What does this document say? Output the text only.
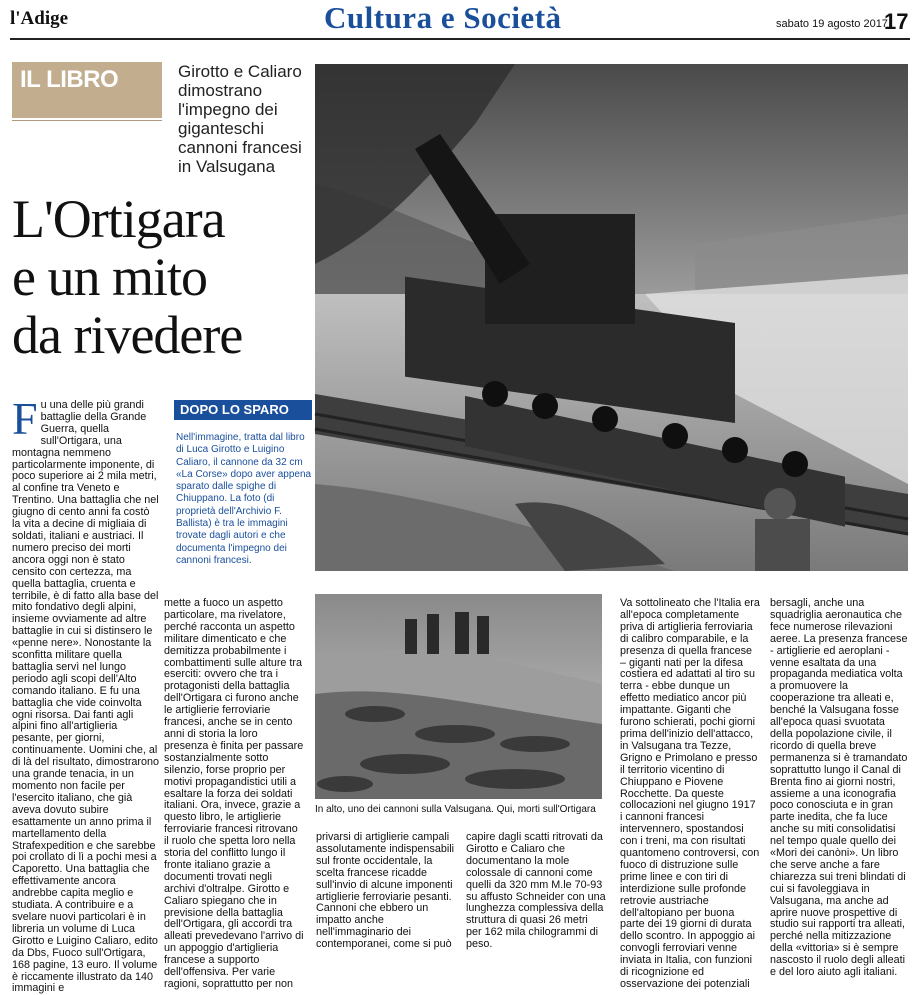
l'Adige	Cultura e Società	sabato 19 agosto 2017
17
IL LIBRO	Girotto e Caliaro dimostrano l'impegno dei giganteschi cannoni francesi in Valsugana
L'Ortigara
e un mito
da rivedere
In alto, uno dei cannoni sulla Valsugana. Qui, morti sull'Ortigara
DOPO LO SPARO
Nell'immagine, tratta dal libro di Luca Girotto e Luigino Caliaro, il cannone da 32 cm «La Corse» dopo aver appena sparato dalle spighe di Chiuppano. La foto (di proprietà dell'Archivio F. Ballista) è tra le immagini trovate dagli autori e che documenta l'impegno dei cannoni francesi.
F u una delle più grandi battaglie della Grande Guerra, quella sull'Ortigara, una montagna nemmeno particolarmente imponente, di poco superiore ai 2 mila metri, al confine tra Veneto e Trentino. Una battaglia che nel giugno di cento anni fa costò la vita a decine di migliaia di soldati, italiani e austriaci. Il numero preciso dei morti ancora oggi non è stato censito con certezza, ma quella battaglia, cruenta e terribile, è di fatto alla base del mito fondativo degli alpini, insieme ovviamente ad altre battaglie in cui si distinsero le «penne nere». Nonostante la sconfitta militare quella battaglia servì nel lungo periodo agli scopi dell'Alto comando italiano. E fu una battaglia che vide coinvolta ogni risorsa. Dai fanti agli alpini fino all'artiglieria pesante, per giorni, continuamente. Uomini che, al di là del risultato, dimostrarono una grande tenacia, in un momento non facile per l'esercito italiano, che già aveva dovuto subire esattamente un anno prima il martellamento della Strafexpedition e che sarebbe poi crollato di lì a pochi mesi a Caporetto. Una battaglia che effettivamente ancora andrebbe capita meglio e studiata. A contribuire e a svelare nuovi particolari è in libreria un volume di Luca Girotto e Luigino Caliaro, edito da Dbs, Fuoco sull'Ortigara, 168 pagine, 13 euro. Il volume è riccamente illustrato da 140 immagini e
mette a fuoco un aspetto particolare, ma rivelatore, perché racconta un aspetto militare dimenticato e che demitizza probabilmente i combattimenti sulle alture tra eserciti: ovvero che tra i protagonisti della battaglia dell'Ortigara ci furono anche le artiglierie ferroviarie francesi, anche se in cento anni di storia la loro presenza è finita per passare sostanzialmente sotto silenzio, forse proprio per motivi propagandistici utili a esaltare la forza dei soldati italiani. Ora, invece, grazie a questo libro, le artiglierie ferroviarie francesi ritrovano il ruolo che spetta loro nella storia del conflitto lungo il fronte italiano grazie a documenti trovati negli archivi d'oltralpe. Girotto e Caliaro spiegano che in previsione della battaglia dell'Ortigara, gli accordi tra alleati prevedevano l'arrivo di un appoggio d'artiglieria francese a supporto dell'offensiva. Per varie ragioni, soprattutto per non
privarsi di artiglierie campali assolutamente indispensabili sul fronte occidentale, la scelta francese ricadde sull'invio di alcune imponenti artiglierie ferroviarie pesanti. Cannoni che ebbero un impatto anche nell'immaginario dei contemporanei, come si può
capire dagli scatti ritrovati da Girotto e Caliaro che documentano la mole colossale di cannoni come quelli da 320 mm M.le 70-93 su affusto Schneider con una lunghezza complessiva della struttura di quasi 26 metri per 162 mila chilogrammi di peso.
Va sottolineato che l'Italia era all'epoca completamente priva di artiglieria ferroviaria di calibro comparabile, e la presenza di quella francese – giganti nati per la difesa costiera ed adattati al tiro su terra - ebbe dunque un effetto mediatico ancor più impattante. Giganti che furono schierati, pochi giorni prima dell'inizio dell'attacco, in Valsugana tra Tezze, Grigno e Primolano e presso il territorio vicentino di Chiuppano e Piovene Rocchette. Da queste collocazioni nel giugno 1917 i cannoni francesi intervennero, spostandosi con i treni, ma con risultati quantomeno controversi, con fuoco di distruzione sulle prime linee e con tiri di interdizione sulle profonde retrovie austriache dell'altopiano per buona parte dei 19 giorni di durata dello scontro. In appoggio ai convogli ferroviari venne inviata in Italia, con funzioni di ricognizione ed osservazione dei potenziali
bersagli, anche una squadriglia aeronautica che fece numerose rilevazioni aeree. La presenza francese - artiglierie ed aeroplani - venne esaltata da una propaganda mediatica volta a promuovere la cooperazione tra alleati e, benché la Valsugana fosse all'epoca quasi svuotata della popolazione civile, il ricordo di quella breve permanenza si è tramandato soprattutto lungo il Canal di Brenta fino ai giorni nostri, assieme a una iconografia poco conosciuta e in gran parte inedita, che fa luce anche su miti consolidatisi nel tempo quale quello dei «Mori dei canòni». Un libro che serve anche a fare chiarezza sui treni blindati di cui si favoleggiava in Valsugana, ma anche ad aprire nuove prospettive di studio sui rapporti tra alleati, perché nella mitizzazione della «vittoria» si è sempre nascosto il ruolo degli alleati e del loro aiuto agli italiani.
